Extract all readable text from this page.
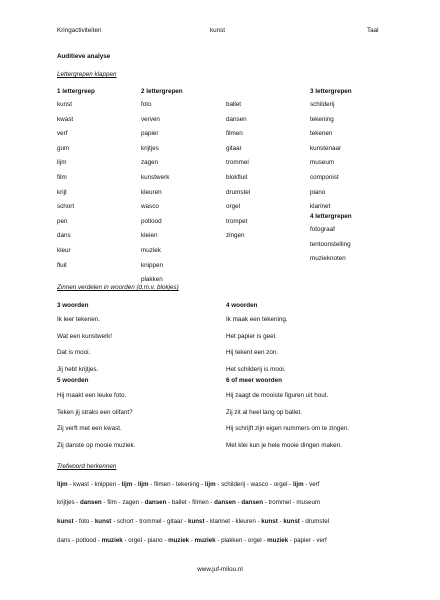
Kringactiviteiten	kunst	Taal
Auditieve analyse
Lettergrepen klappen
1 lettergreep
kunst
kwast
verf
gum
lijm
film
krijt
schort
pen
dans
kleur
fluit
2 lettergrepen
foto
verven
papier
krijtjes
zagen
kunstwerk
kleuren
wasco
potlood
kleien
muziek
knippen
plakken
ballet
dansen
filmen
gitaar
trommel
blokfluit
drumstel
orgel
trompet
zingen
3 lettergrepen
schilderij
tekening
tekenen
kunstenaar
museum
componist
piano
klarinet
4 lettergrepen
fotograaf
tentoonstelling
muzieknoten
Zinnen verdelen in woorden (d.m.v. blokjes)
3 woorden
Ik leer tekenen.
Wat een kunstwerk!
Dat is mooi.
Jij hebt krijtjes.
4 woorden
Ik maak een tekening.
Het papier is geel.
Hij tekent een zon.
Het schilderij is mooi.
5 woorden
Hij maakt een leuke foto.
Teken jij straks een olifant?
Zij verft met een kwast.
Zij danste op mooie muziek.
6 of meer woorden
Hij zaagt de mooiste figuren uit hout.
Zij zit al heel lang op ballet.
Hij schrijft zijn eigen nummers om te zingen.
Met klei kun je hele mooie dingen maken.
Trefwoord herkennen
lijm - kwast - knippen - lijm - lijm - filmen - tekening - lijm - schilderij - wasco - orgel - lijm - verf
krijtjes - dansen - film - zagen - dansen - ballet - filmen - dansen - dansen - trommel - museum
kunst - foto - kunst - schort - trommel - gitaar - kunst - klarinet - kleuren - kunst - kunst - drumstel
dans - potlood - muziek - orgel - piano - muziek - muziek - plakken - orgel - muziek - papier - verf
www.juf-milou.nl
